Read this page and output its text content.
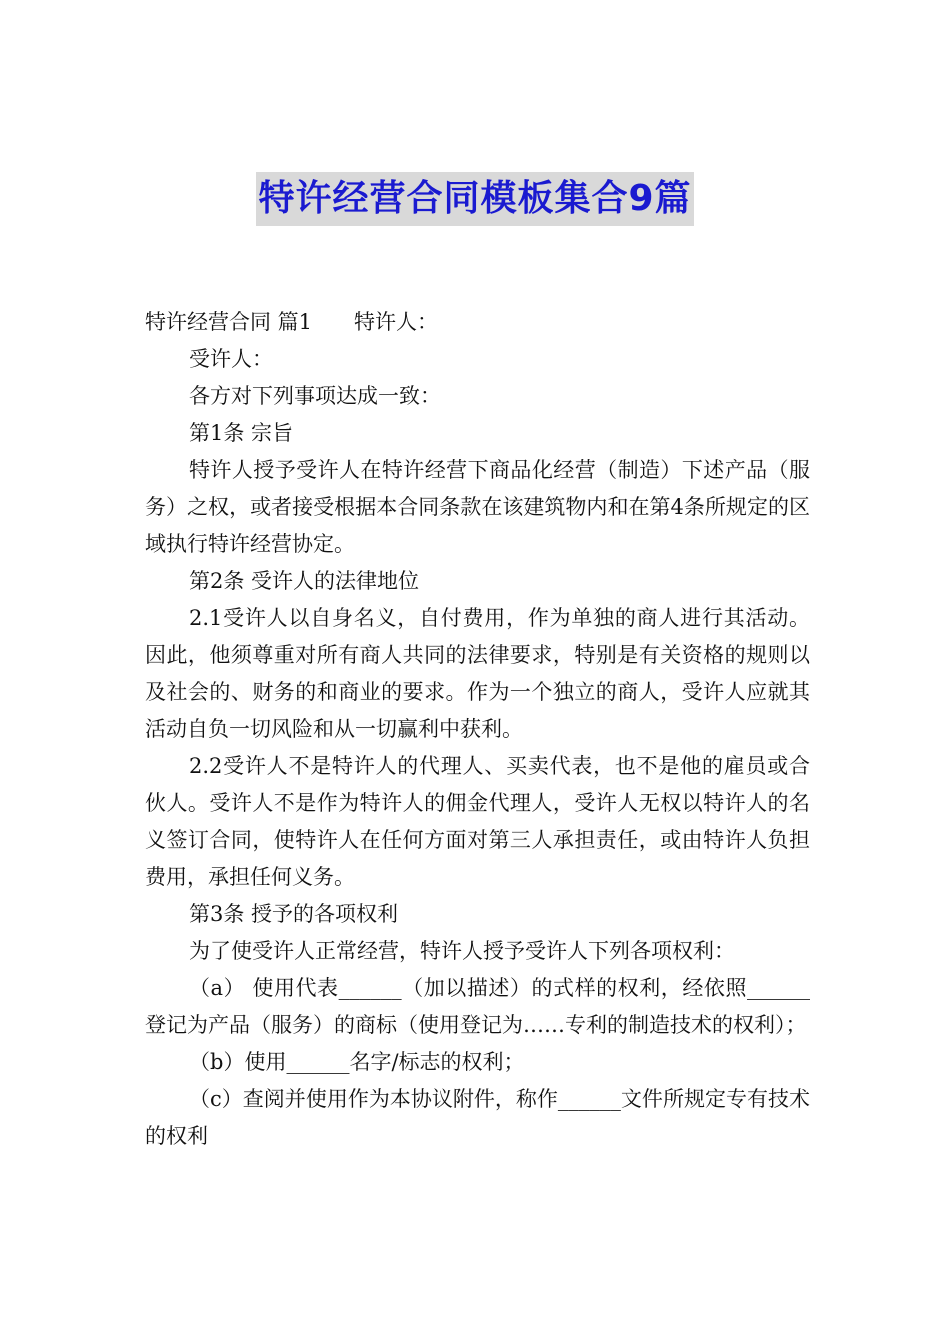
特许经营合同模板集合9篇

特许经营合同 篇1 特许人：

受许人：

各方对下列事项达成一致：

第1条 宗旨

特许人授予受许人在特许经营下商品化经营（制造）下述产品（服务）之权，或者接受根据本合同条款在该建筑物内和在第4条所规定的区域执行特许经营协定。

第2条 受许人的法律地位

2.1受许人以自身名义，自付费用，作为单独的商人进行其活动。因此，他须尊重对所有商人共同的法律要求，特别是有关资格的规则以及社会的、财务的和商业的要求。作为一个独立的商人，受许人应就其活动自负一切风险和从一切赢利中获利。

2.2受许人不是特许人的代理人、买卖代表，也不是他的雇员或合伙人。受许人不是作为特许人的佣金代理人，受许人无权以特许人的名义签订合同，使特许人在任何方面对第三人承担责任，或由特许人负担费用，承担任何义务。

第3条 授予的各项权利

为了使受许人正常经营，特许人授予受许人下列各项权利：

（a） 使用代表______（加以描述）的式样的权利，经依照______登记为产品（服务）的商标（使用登记为……专利的制造技术的权利）；

（b）使用______名字/标志的权利；

（c）查阅并使用作为本协议附件，称作______文件所规定专有技术的权利
